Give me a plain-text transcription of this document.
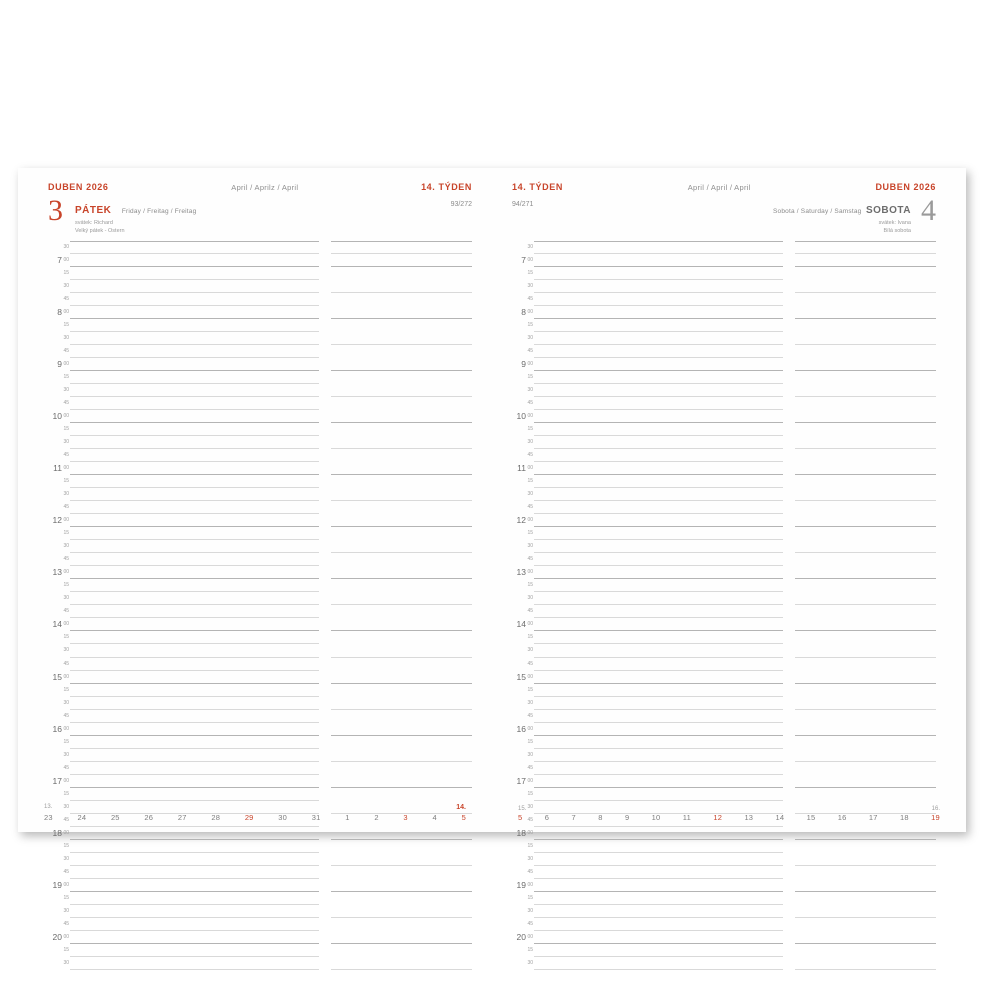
DUBEN 2026	April / Aprilz / April	14. TÝDEN
3	PÁTEK Friday / Freitag / Freitag
svátek: Richard
Velký pátek - Ostern
93/272
30
7 00
15
30
45
8 00
15
30
45
9 00
15
30
45
10 00
15
30
45
11 00
15
30
45
12 00
15
30
45
13 00
15
30
45
14 00
15
30
45
15 00
15
30
45
16 00
15
30
45
17 00
15
30
45
18 00
15
30
45
19 00
15
30
45
20 00
15
30
13.	14.
23	24	25	26	27	28	29	30	31	1	2	3	4	5
14. TÝDEN	April / April / April	DUBEN 2026
94/271
Sobota / Saturday / Samstag SOBOTA
svátek: Ivana
Bílá sobota
4
30
7 00
15
30
45
8 00
15
30
45
9 00
15
30
45
10 00
15
30
45
11 00
15
30
45
12 00
15
30
45
13 00
15
30
45
14 00
15
30
45
15 00
15
30
45
16 00
15
30
45
17 00
15
30
45
18 00
15
30
45
19 00
15
30
45
20 00
15
30
15.	16.
5	6	7	8	9	10	11	12	13	14	15	16	17	18	19
